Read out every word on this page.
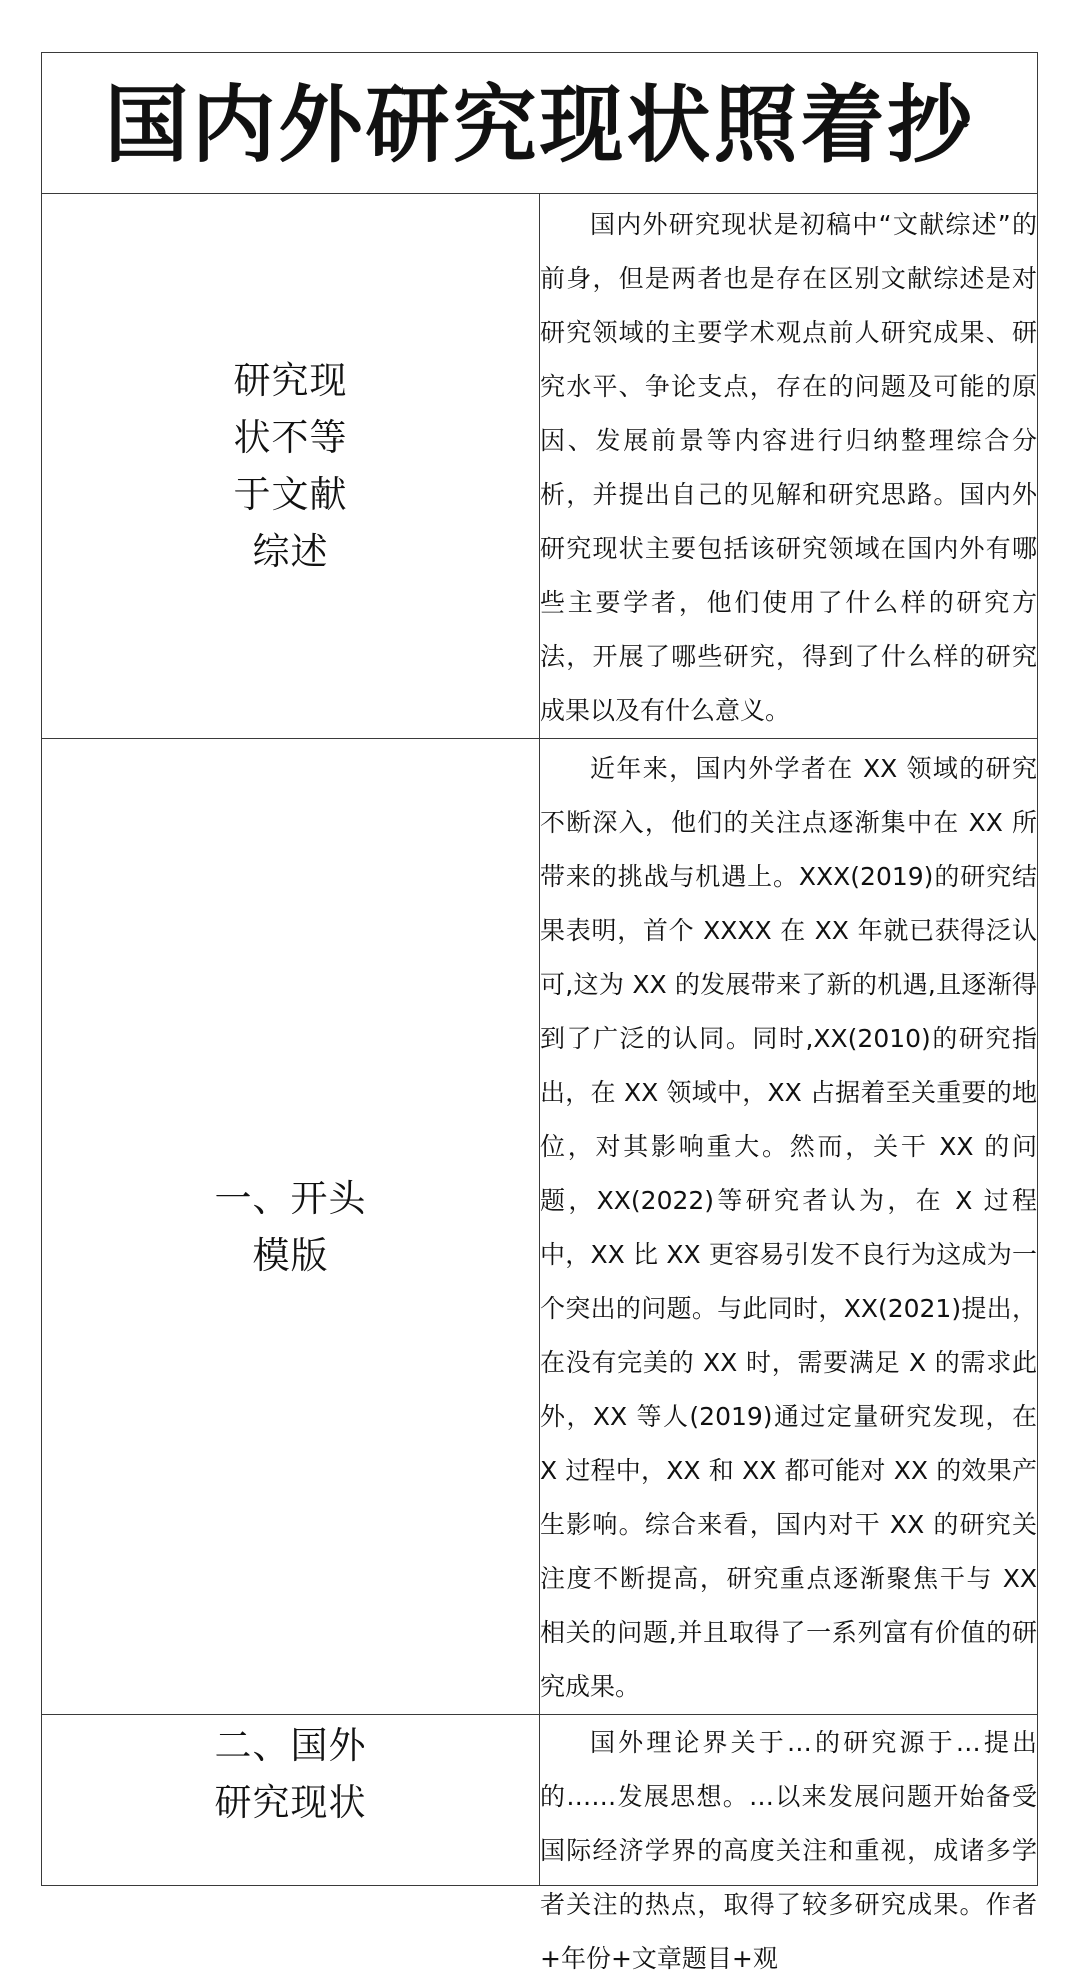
国内外研究现状照着抄	
研究现状不等于文献综述	国内外研究现状是初稿中“文献综述”的前身，但是两者也是存在区别文献综述是对研究领域的主要学术观点前人研究成果、研究水平、争论支点，存在的问题及可能的原因、发展前景等内容进行归纳整理综合分析，并提出自己的见解和研究思路。国内外研究现状主要包括该研究领域在国内外有哪些主要学者，他们使用了什么样的研究方法，开展了哪些研究，得到了什么样的研究成果以及有什么意义。

一、开头模版	近年来，国内外学者在 XX 领域的研究不断深入，他们的关注点逐渐集中在 XX 所带来的挑战与机遇上。XXX(2019)的研究结果表明，首个 XXXX 在 XX 年就已获得泛认可,这为 XX 的发展带来了新的机遇,且逐渐得到了广泛的认同。同时,XX(2010)的研究指出，在 XX 领域中，XX 占据着至关重要的地位，对其影响重大。然而，关干 XX 的问题，XX(2022)等研究者认为，在 X 过程中，XX 比 XX 更容易引发不良行为这成为一个突出的问题。与此同时，XX(2021)提出，在没有完美的 XX 时，需要满足 X 的需求此外，XX 等人(2019)通过定量研究发现，在 X 过程中，XX 和 XX 都可能对 XX 的效果产生影响。综合来看，国内对干 XX 的研究关注度不断提高，研究重点逐渐聚焦干与 XX 相关的问题,并且取得了一系列富有价值的研究成果。

二、国外研究现状	国外理论界关于…的研究源于…提出的……发展思想。…以来发展问题开始备受国际经济学界的高度关注和重视，成诸多学者关注的热点，取得了较多研究成果。作者+年份+文章题目+观
